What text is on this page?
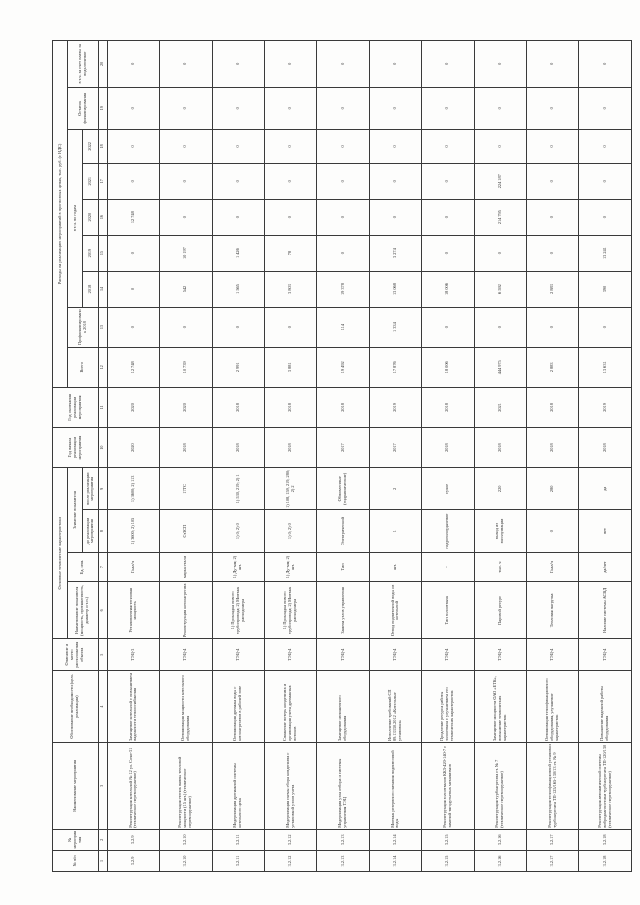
№ п/п	№ мероприятия	Наименование мероприятия	Обоснование необходимости (цель реализации)	Описание и место расположения объекта	Основные технические характеристики				Год начала реализации мероприятия	Год окончания реализации мероприятия	Расходы на реализацию мероприятий в прогнозных ценах, тыс. руб. (с НДС)								
					Наименование показателя (мощность, протяженность, диаметр и т.п.)	Ед. изм.	Значение показателя				Всего	Профинансировано к 2018	в т.ч. по годам					Остаток финансирования	в т.ч. за счет платы за подключение
							до реализации мероприятия	после реализации мероприятия					2018	2019	2020	2021	2022		

1	2	3	4	5	6	7	8	9	10	11	12	13	14	15	16	17	18	19	20
3.2.9	3.2.9	Реконструкция котельной № 12 ул. Сочи-31 (техническое перевооружение)	Замещение котельной с повышением надежности теплоснабжения	ТЭЦ-3	Установленная тепловая мощность	Гкал/ч	1) 3600; 2) 105	1) 3600; 2) 113	2020	2020	12 748	0	0	0	12 748	0	0	0	0
3.2.10	3.2.10	Реконструкция стенок ванны тепловой мощности (15 шт.) (техническое перевооружение)	Оптимизация мощности котельного оборудования	ТЭЦ-4	Реконструкция котлоагрегата	марка стали	СтЗСП	17ГС	2018	2020	10 739	0	542	10 197	0	0	0	0	0
3.2.11	3.2.11	Модернизация дренажной системы котельного цеха	Оптимизация дренажа воды с котлоагрегатов в рабочей зоне	ТЭЦ-4	1) Прокладка нового трубопровода; 2) Монтаж расходомера	1) Ду-мм; 2) шт.	1) 0; 2) 0	1) 530, 219; 2) 1	2018	2018	2 991	0	1 565	1 426	0	0	0	0	0
3.2.12	3.2.12	Модернизация схемы сбора конденсата с установкой узлов учета	Снижение потерь конденсата и организация учета дренажных потоков	ТЭЦ-4	1) Прокладка нового трубопровода; 2) Монтаж расходомера	1) Ду-мм; 2) шт.	1) 0; 2) 0	1) 108, 159, 219, 280; 2) 2	2018	2018	3 881	0	3 803	78	0	0	0	0	0
3.2.13	3.2.13	Модернизация узла отбора и системы управления ТЭЦ	Замещение изношенного оборудования	ТЭЦ-4	Замена узлов управления	Тип	Электрический	Обновленные (гидравлические)	2017	2018	19 492	114	19 378	0	0	0	0	0	0
3.2.14	3.2.14	Монтаж резервного питания подпиточной воды	Исполнение требований СП 89.13330.2012 «Котельные установки»	ТЭЦ-4	Отвод подпиточной воды из котельной	шт.	1	2	2017	2019	17 876	1 334	13 068	3 274	0	0	0	0	0
3.2.15	3.2.15	Реконструкция золоотвалов ККЗ-420-140-7 с заменой тягодутьевых механизмов	Продление ресурса работы золоотвала с улучшением его технических характеристик	ТЭЦ-4	Тип золоотвала	-	гидрозолоудаление	сухое	2018	2018	18 006	0	18 006	0	0	0	0	0	0
3.2.16	3.2.16	Реконструкция турбоагрегата ст. № 7 (техническое перевооружение)	Замещение мощности ОАО «ЕТК», повышение технических характеристик	ТЭЦ-4	Паровой ресурс	тыс. ч	выход из эксплуатации	220	2018	2021	444 975	0	6 592	0	214 795	224 187	0	0	0
3.2.17	3.2.17	Реконструкция теплофикационной установки турбоагрегата ТП-125/165-130/13 ст. № 9	Оптимизация теплофикационного оборудования, улучшение характеристик	ТЭЦ-4	Тепловая нагрузка	Гкал/ч	0	280	2018	2018	2 883	0	2 883	0	0	0	0	0	0
3.2.18	3.2.18	Реконструкция автоматической системы вибродиагностики турбоагрегата ТП-120/130 (техническое перевооружение)	Повышение надежной работы оборудования	ТЭЦ-4	Наличие системы АСВД	да/нет	нет	да	2018	2019	13 631	0	390	13 241	0	0	0	0	0
